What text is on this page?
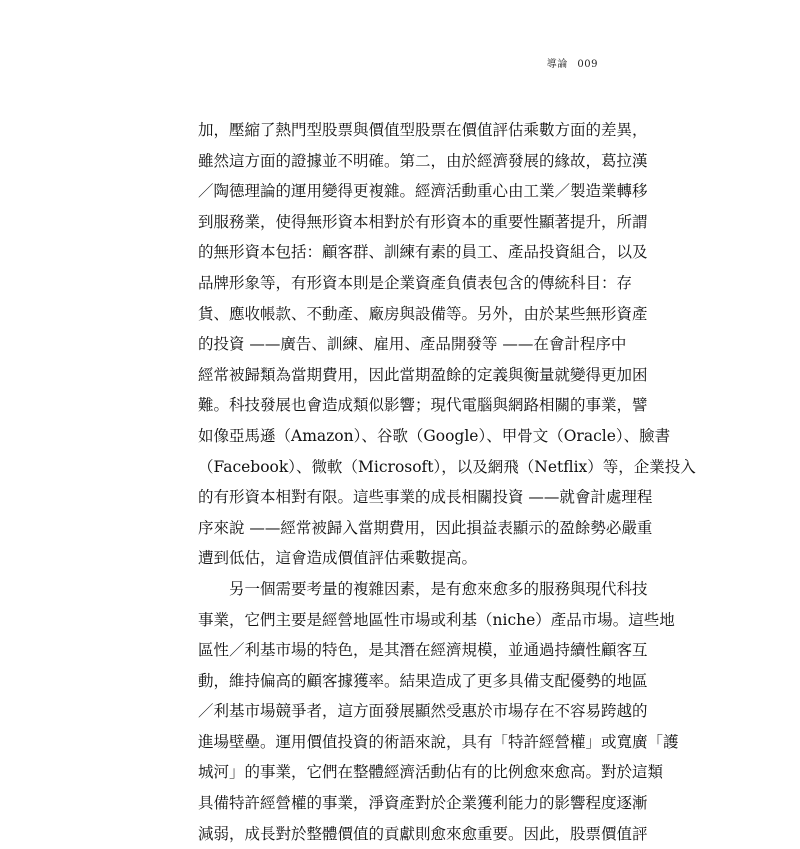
導論 009
加，壓縮了熱門型股票與價值型股票在價值評估乘數方面的差異，
雖然這方面的證據並不明確。第二，由於經濟發展的緣故，葛拉漢
／陶德理論的運用變得更複雜。經濟活動重心由工業／製造業轉移
到服務業，使得無形資本相對於有形資本的重要性顯著提升，所謂
的無形資本包括：顧客群、訓練有素的員工、產品投資組合，以及
品牌形象等，有形資本則是企業資產負債表包含的傳統科目：存
貨、應收帳款、不動產、廠房與設備等。另外，由於某些無形資產
的投資 ——廣告、訓練、雇用、產品開發等 ——在會計程序中
經常被歸類為當期費用，因此當期盈餘的定義與衡量就變得更加困
難。科技發展也會造成類似影響；現代電腦與網路相關的事業，譬
如像亞馬遜（Amazon）、谷歌（Google）、甲骨文（Oracle）、臉書
（Facebook）、微軟（Microsoft），以及網飛（Netflix）等，企業投入
的有形資本相對有限。這些事業的成長相關投資 ——就會計處理程
序來說 ——經常被歸入當期費用，因此損益表顯示的盈餘勢必嚴重
遭到低估，這會造成價值評估乘數提高。
另一個需要考量的複雜因素，是有愈來愈多的服務與現代科技
事業，它們主要是經營地區性市場或利基（niche）產品市場。這些地
區性／利基市場的特色，是其潛在經濟規模，並通過持續性顧客互
動，維持偏高的顧客據獲率。結果造成了更多具備支配優勢的地區
／利基市場競爭者，這方面發展顯然受惠於市場存在不容易跨越的
進場壁壘。運用價值投資的術語來說，具有「特許經營權」或寬廣「護
城河」的事業，它們在整體經濟活動佔有的比例愈來愈高。對於這類
具備特許經營權的事業，淨資產對於企業獲利能力的影響程度逐漸
減弱，成長對於整體價值的貢獻則愈來愈重要。因此，股票價值評
